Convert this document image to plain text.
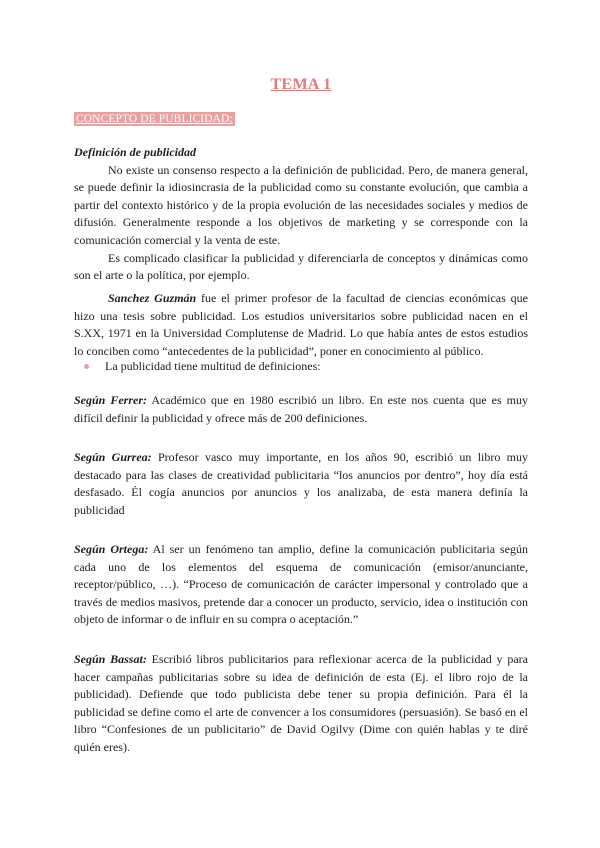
TEMA 1
CONCEPTO DE PUBLICIDAD:

Definición de publicidad
No existe un consenso respecto a la definición de publicidad. Pero, de manera general, se puede definir la idiosincrasia de la publicidad como su constante evolución, que cambia a partir del contexto histórico y de la propia evolución de las necesidades sociales y medios de difusión. Generalmente responde a los objetivos de marketing y se corresponde con la comunicación comercial y la venta de este.
Es complicado clasificar la publicidad y diferenciarla de conceptos y dinámicas como son el arte o la política, por ejemplo.

Sanchez Guzmán fue el primer profesor de la facultad de ciencias económicas que hizo una tesis sobre publicidad. Los estudios universitarios sobre publicidad nacen en el S.XX, 1971 en la Universidad Complutense de Madrid. Lo que había antes de estos estudios lo conciben como “antecedentes de la publicidad”, poner en conocimiento al público.

La publicidad tiene multitud de definiciones:

Según Ferrer: Académico que en 1980 escribió un libro. En este nos cuenta que es muy difícil definir la publicidad y ofrece más de 200 definiciones.

Según Gurrea: Profesor vasco muy importante, en los años 90, escribió un libro muy destacado para las clases de creatividad publicitaria “los anuncios por dentro”, hoy día está desfasado. Él cogía anuncios por anuncios y los analizaba, de esta manera definía la publicidad

Según Ortega: Al ser un fenómeno tan amplio, define la comunicación publicitaria según cada uno de los elementos del esquema de comunicación (emisor/anunciante, receptor/público, …). “Proceso de comunicación de carácter impersonal y controlado que a través de medios masivos, pretende dar a conocer un producto, servicio, idea o institución con objeto de informar o de influir en su compra o aceptación.”

Según Bassat: Escribió libros publicitarios para reflexionar acerca de la publicidad y para hacer campañas publicitarias sobre su idea de definición de esta (Ej. el libro rojo de la publicidad). Defiende que todo publicista debe tener su propia definición. Para él la publicidad se define como el arte de convencer a los consumidores (persuasión). Se basó en el libro “Confesiones de un publicitario” de David Ogilvy (Dime con quién hablas y te diré quién eres).
